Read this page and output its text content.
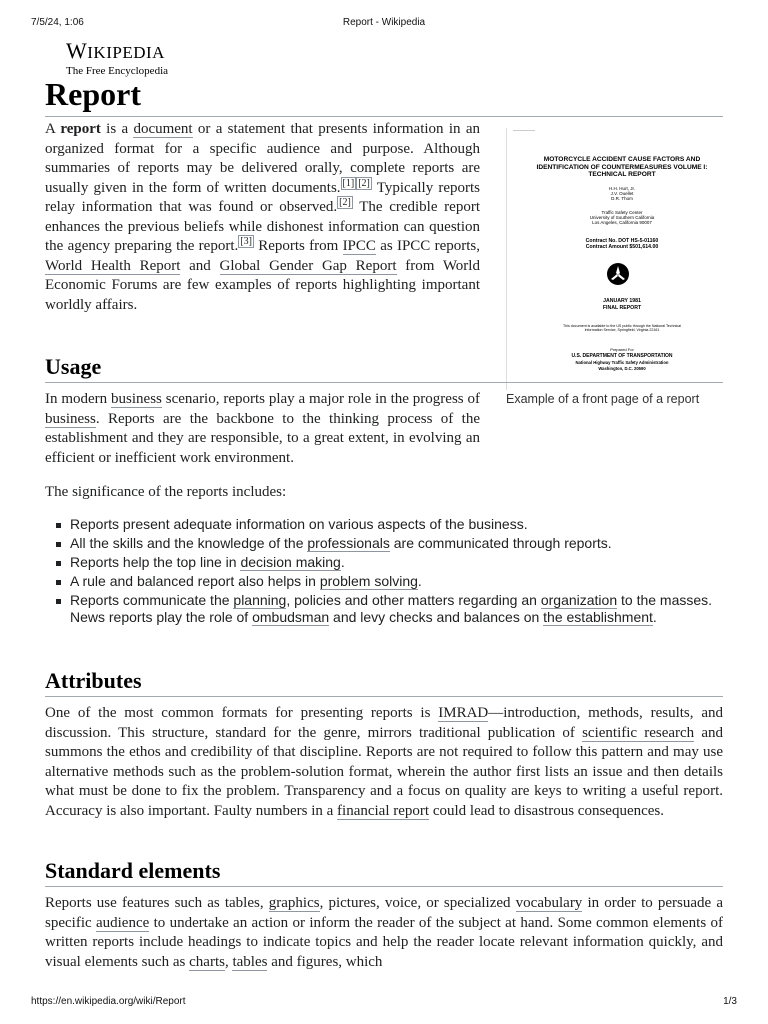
7/5/24, 1:06	Report - Wikipedia
WIKIPEDIA
The Free Encyclopedia
Report

A report is a document or a statement that presents information in an organized format for a specific audience and purpose. Although summaries of reports may be delivered orally, complete reports are usually given in the form of written documents. [1] [2] Typically reports relay information that was found or observed. [2] The credible report enhances the previous beliefs while dishonest information can question the agency preparing the report. [3] Reports from IPCC as IPCC reports, World Health Report and Global Gender Gap Report from World Economic Forums are few examples of reports highlighting important worldly affairs.

MOTORCYCLE ACCIDENT CAUSE FACTORS AND IDENTIFICATION OF COUNTERMEASURES VOLUME I: TECHNICAL REPORT
H.H. Hurt, Jr.
J.V. Ouellet
D.R. Thom
Traffic Safety Center
University of Southern California
Los Angeles, California 90007
Contract No. DOT HS-5-01160
Contract Amount $501,614.00
JANUARY 1981
FINAL REPORT
This document is available to the US public through the National Technical Information Service, Springfield, Virginia 22161
Prepared For
U.S. DEPARTMENT OF TRANSPORTATION
National Highway Traffic Safety Administration
Washington, D.C. 20590
Example of a front page of a report
Usage

In modern business scenario, reports play a major role in the progress of business. Reports are the backbone to the thinking process of the establishment and they are responsible, to a great extent, in evolving an efficient or inefficient work environment.

The significance of the reports includes:

Reports present adequate information on various aspects of the business.
All the skills and the knowledge of the professionals are communicated through reports.
Reports help the top line in decision making.
A rule and balanced report also helps in problem solving.
Reports communicate the planning, policies and other matters regarding an organization to the masses. News reports play the role of ombudsman and levy checks and balances on the establishment.
Attributes

One of the most common formats for presenting reports is IMRAD—introduction, methods, results, and discussion. This structure, standard for the genre, mirrors traditional publication of scientific research and summons the ethos and credibility of that discipline. Reports are not required to follow this pattern and may use alternative methods such as the problem-solution format, wherein the author first lists an issue and then details what must be done to fix the problem. Transparency and a focus on quality are keys to writing a useful report. Accuracy is also important. Faulty numbers in a financial report could lead to disastrous consequences.

Standard elements

Reports use features such as tables, graphics, pictures, voice, or specialized vocabulary in order to persuade a specific audience to undertake an action or inform the reader of the subject at hand. Some common elements of written reports include headings to indicate topics and help the reader locate relevant information quickly, and visual elements such as charts, tables and figures, which

https://en.wikipedia.org/wiki/Report	1/3
